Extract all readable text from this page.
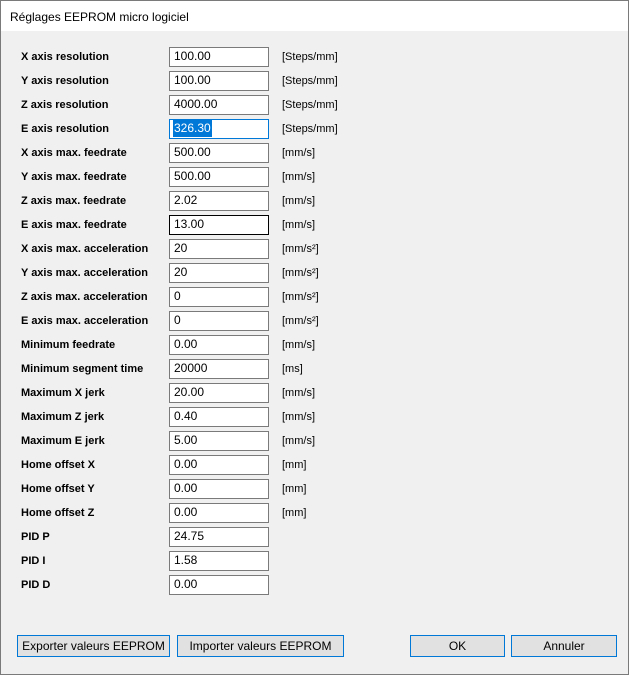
Réglages EEPROM micro logiciel
X axis resolution	100.00	[Steps/mm]
Y axis resolution	100.00	[Steps/mm]
Z axis resolution	4000.00	[Steps/mm]
E axis resolution	326.30	[Steps/mm]
X axis max. feedrate	500.00	[mm/s]
Y axis max. feedrate	500.00	[mm/s]
Z axis max. feedrate	2.02	[mm/s]
E axis max. feedrate	13.00	[mm/s]
X axis max. acceleration	20	[mm/s²]
Y axis max. acceleration	20	[mm/s²]
Z axis max. acceleration	0	[mm/s²]
E axis max. acceleration	0	[mm/s²]
Minimum feedrate	0.00	[mm/s]
Minimum segment time	20000	[ms]
Maximum X jerk	20.00	[mm/s]
Maximum Z jerk	0.40	[mm/s]
Maximum E jerk	5.00	[mm/s]
Home offset X	0.00	[mm]
Home offset Y	0.00	[mm]
Home offset Z	0.00	[mm]
PID P	24.75
PID I	1.58
PID D	0.00
Exporter valeurs EEPROM	Importer valeurs EEPROM	OK	Annuler
